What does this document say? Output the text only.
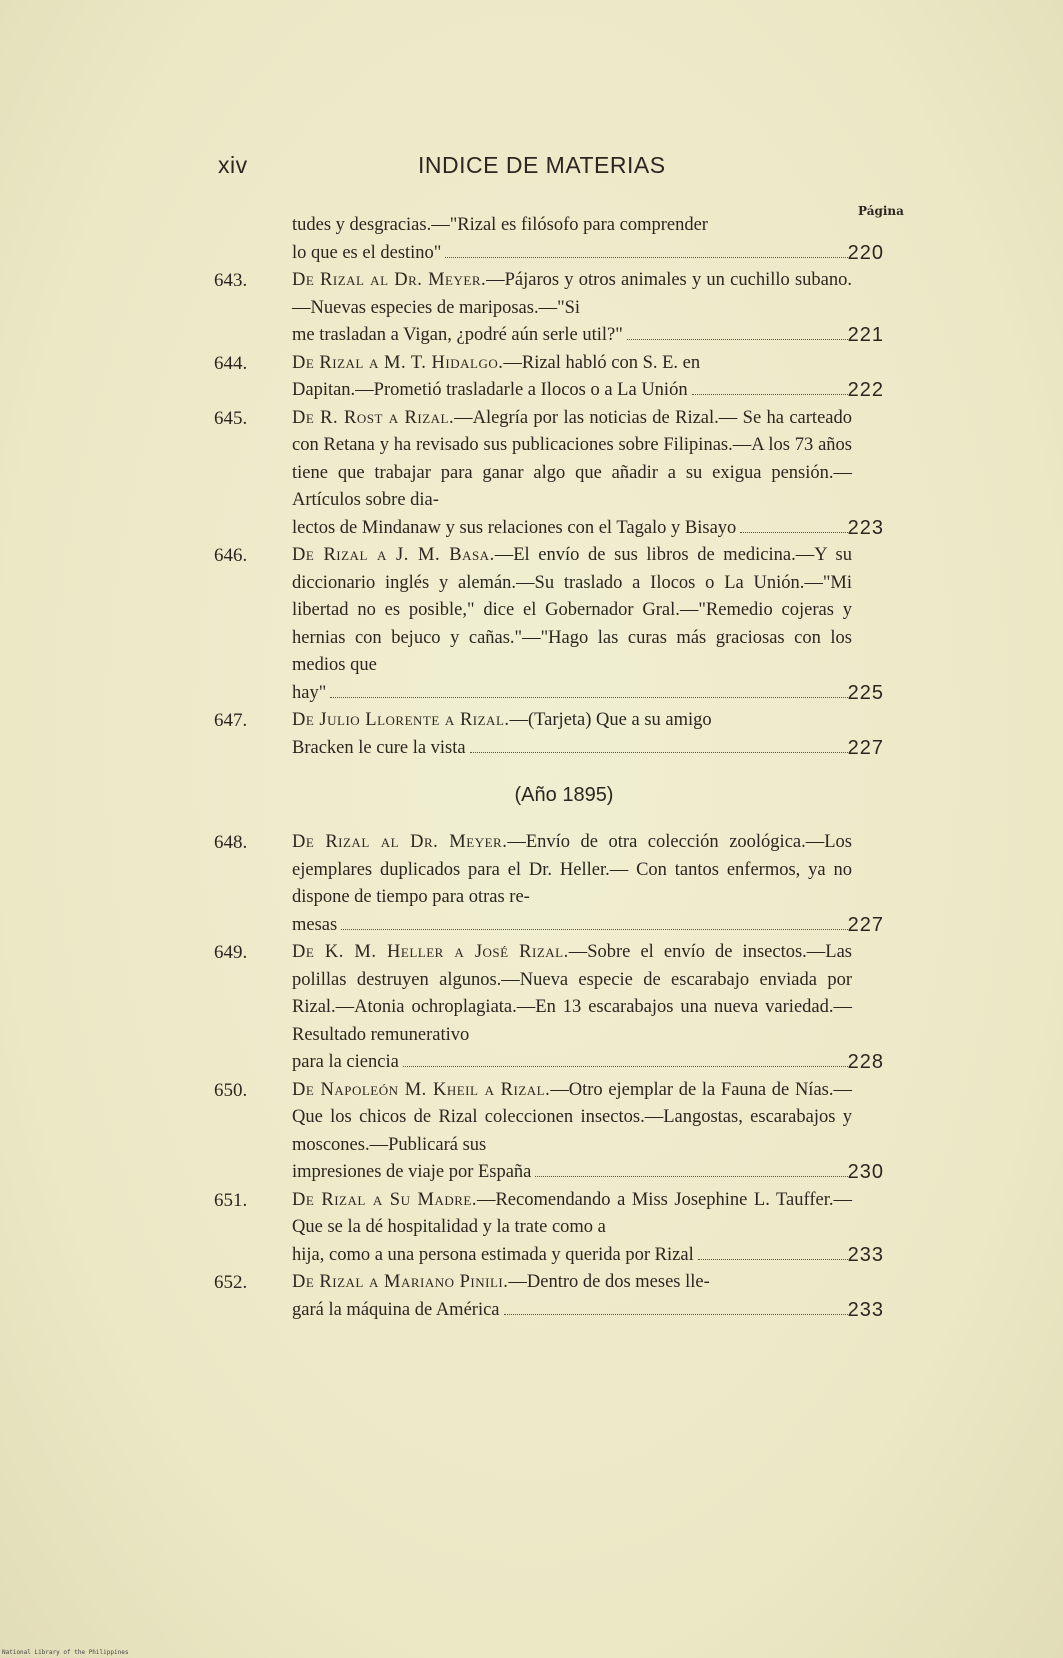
xiv	INDICE DE MATERIAS
Página
tudes y desgracias.—"Rizal es filósofo para comprender
lo que es el destino"	220
643.	De Rizal al Dr. Meyer.—Pájaros y otros animales y un cuchillo subano.—Nuevas especies de mariposas.—"Si
me trasladan a Vigan, ¿podré aún serle util?"	221
644.	De Rizal a M. T. Hidalgo.—Rizal habló con S. E. en
Dapitan.—Prometió trasladarle a Ilocos o a La Unión	222
645.	De R. Rost a Rizal.—Alegría por las noticias de Rizal.— Se ha carteado con Retana y ha revisado sus publicaciones sobre Filipinas.—A los 73 años tiene que trabajar para ganar algo que añadir a su exigua pensión.—Artículos sobre dia-
lectos de Mindanaw y sus relaciones con el Tagalo y Bisayo	223
646.	De Rizal a J. M. Basa.—El envío de sus libros de medicina.—Y su diccionario inglés y alemán.—Su traslado a Ilocos o La Unión.—"Mi libertad no es posible," dice el Gobernador Gral.—"Remedio cojeras y hernias con bejuco y cañas."—"Hago las curas más graciosas con los medios que
hay"	225
647.	De Julio Llorente a Rizal.—(Tarjeta) Que a su amigo
Bracken le cure la vista	227
(Año 1895)
648.	De Rizal al Dr. Meyer.—Envío de otra colección zoológica.—Los ejemplares duplicados para el Dr. Heller.— Con tantos enfermos, ya no dispone de tiempo para otras re-
mesas	227
649.	De K. M. Heller a José Rizal.—Sobre el envío de insectos.—Las polillas destruyen algunos.—Nueva especie de escarabajo enviada por Rizal.—Atonia ochroplagiata.—En 13 escarabajos una nueva variedad.—Resultado remunerativo
para la ciencia	228
650.	De Napoleón M. Kheil a Rizal.—Otro ejemplar de la Fauna de Nías.—Que los chicos de Rizal coleccionen insectos.—Langostas, escarabajos y moscones.—Publicará sus
impresiones de viaje por España	230
651.	De Rizal a Su Madre.—Recomendando a Miss Josephine L. Tauffer.—Que se la dé hospitalidad y la trate como a
hija, como a una persona estimada y querida por Rizal	233
652.	De Rizal a Mariano Pinili.—Dentro de dos meses lle-
gará la máquina de América	233
National Library of the Philippines
